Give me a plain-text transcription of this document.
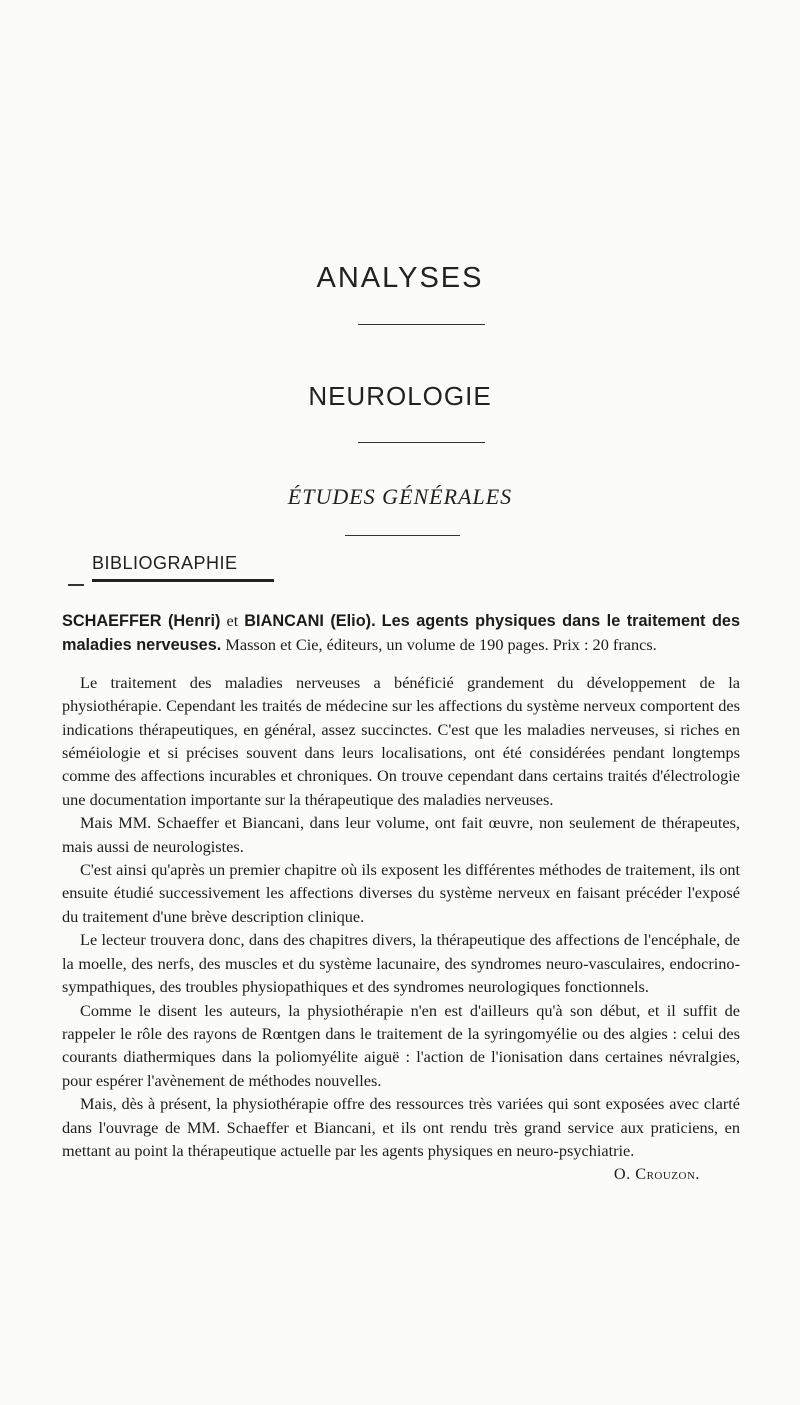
ANALYSES
NEUROLOGIE
ÉTUDES GÉNÉRALES
BIBLIOGRAPHIE

SCHAEFFER (Henri) et BIANCANI (Elio). Les agents physiques dans le traitement des maladies nerveuses. Masson et Cie, éditeurs, un volume de 190 pages. Prix : 20 francs.

Le traitement des maladies nerveuses a bénéficié grandement du développement de la physiothérapie. Cependant les traités de médecine sur les affections du système nerveux comportent des indications thérapeutiques, en général, assez succinctes. C'est que les maladies nerveuses, si riches en séméiologie et si précises souvent dans leurs localisations, ont été considérées pendant longtemps comme des affections incurables et chroniques. On trouve cependant dans certains traités d'électrologie une documentation importante sur la thérapeutique des maladies nerveuses.

Mais MM. Schaeffer et Biancani, dans leur volume, ont fait œuvre, non seulement de thérapeutes, mais aussi de neurologistes.

C'est ainsi qu'après un premier chapitre où ils exposent les différentes méthodes de traitement, ils ont ensuite étudié successivement les affections diverses du système nerveux en faisant précéder l'exposé du traitement d'une brève description clinique.

Le lecteur trouvera donc, dans des chapitres divers, la thérapeutique des affections de l'encéphale, de la moelle, des nerfs, des muscles et du système lacunaire, des syndromes neuro-vasculaires, endocrino-sympathiques, des troubles physiopathiques et des syndromes neurologiques fonctionnels.

Comme le disent les auteurs, la physiothérapie n'en est d'ailleurs qu'à son début, et il suffit de rappeler le rôle des rayons de Rœntgen dans le traitement de la syringomyélie ou des algies : celui des courants diathermiques dans la poliomyélite aiguë : l'action de l'ionisation dans certaines névralgies, pour espérer l'avènement de méthodes nouvelles.

Mais, dès à présent, la physiothérapie offre des ressources très variées qui sont exposées avec clarté dans l'ouvrage de MM. Schaeffer et Biancani, et ils ont rendu très grand service aux praticiens, en mettant au point la thérapeutique actuelle par les agents physiques en neuro-psychiatrie.

O. Crouzon.
